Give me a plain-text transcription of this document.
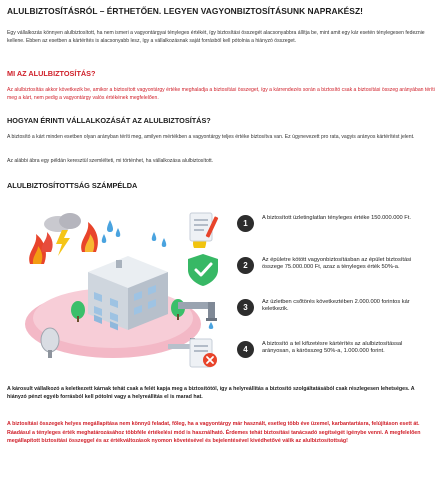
ALULBIZTOSÍTÁSRÓL – ÉRTHETŐEN. LEGYEN VAGYONBIZTOSÍTÁSUNK NAPRAKÉSZ!
Egy vállalkozás könnyen alulbiztosított, ha nem ismeri a vagyontárgyai tényleges értékét, így biztosítási összegét alacsonyabbra állítja be, mint amit egy kár esetén ténylegesen fedeznie kellene. Ebben az esetben a kártérítés is alacsonyabb lesz, így a vállalkozásnak saját forrásból kell pótolnia a hiányzó összeget.
MI AZ ALULBIZTOSÍTÁS?
Az alulbiztosítás akkor következik be, amikor a biztosított vagyontárgy értéke meghaladja a biztosítási összeget, így a kárrendezés során a biztosító csak a biztosítási összeg arányában téríti meg a kárt, nem pedig a vagyontárgy valós értékének megfelelően.
HOGYAN ÉRINTI VÁLLALKOZÁSÁT AZ ALULBIZTOSÍTÁS?
A biztosító a kárt minden esetben olyan arányban téríti meg, amilyen mértékben a vagyontárgy teljes értéke biztosítva van. Ez úgynevezett pro rata, vagyis arányos kártérítést jelent.
Az alábbi ábra egy példán keresztül szemlélteti, mi történhet, ha vállalkozása alulbiztosított.
ALULBIZTOSÍTOTTSÁG SZÁMPÉLDA
1
A biztosított üzletinglatlan tényleges értéke 150.000.000 Ft.
2
Az épületre kötött vagyonbiztosításban az épület biztosítási összege 75.000.000 Ft, azaz a tényleges érték 50%-a.
3
Az üzletben csőtörés következtében 2.000.000 forintos kár keletkezik.
4
A biztosító a tel kifizetésre kártérítés az alulbiztosítással arányosan, a kárösszeg 50%-a, 1.000.000 forint.
A károsult vállalkozó a keletkezett kárnak tehát csak a felét kapja meg a biztosítótól, így a helyreállítás a biztosító szolgáltatásából csak részlegesen lehetséges. A hiányzó pénzt egyéb forrásból kell pótolni vagy a helyreállítás el is marad hat.
A biztosítási összegek helyes megállapítása nem könnyű feladat, főleg, ha a vagyontárgy már használt, esetleg több éve üzemel, karbantartásra, felújításon esett át. Ráadásul a tényleges érték meghatározásához többféle értékelési mód is használható. Érdemes tehát biztosítási tanácsadó segítségét igénybe venni. A megfelelően megállapított biztosítási összeggel és az értékváltozások nyomon követésével és bejelentésével kivédhetővé válik az alulbiztosítottság!
